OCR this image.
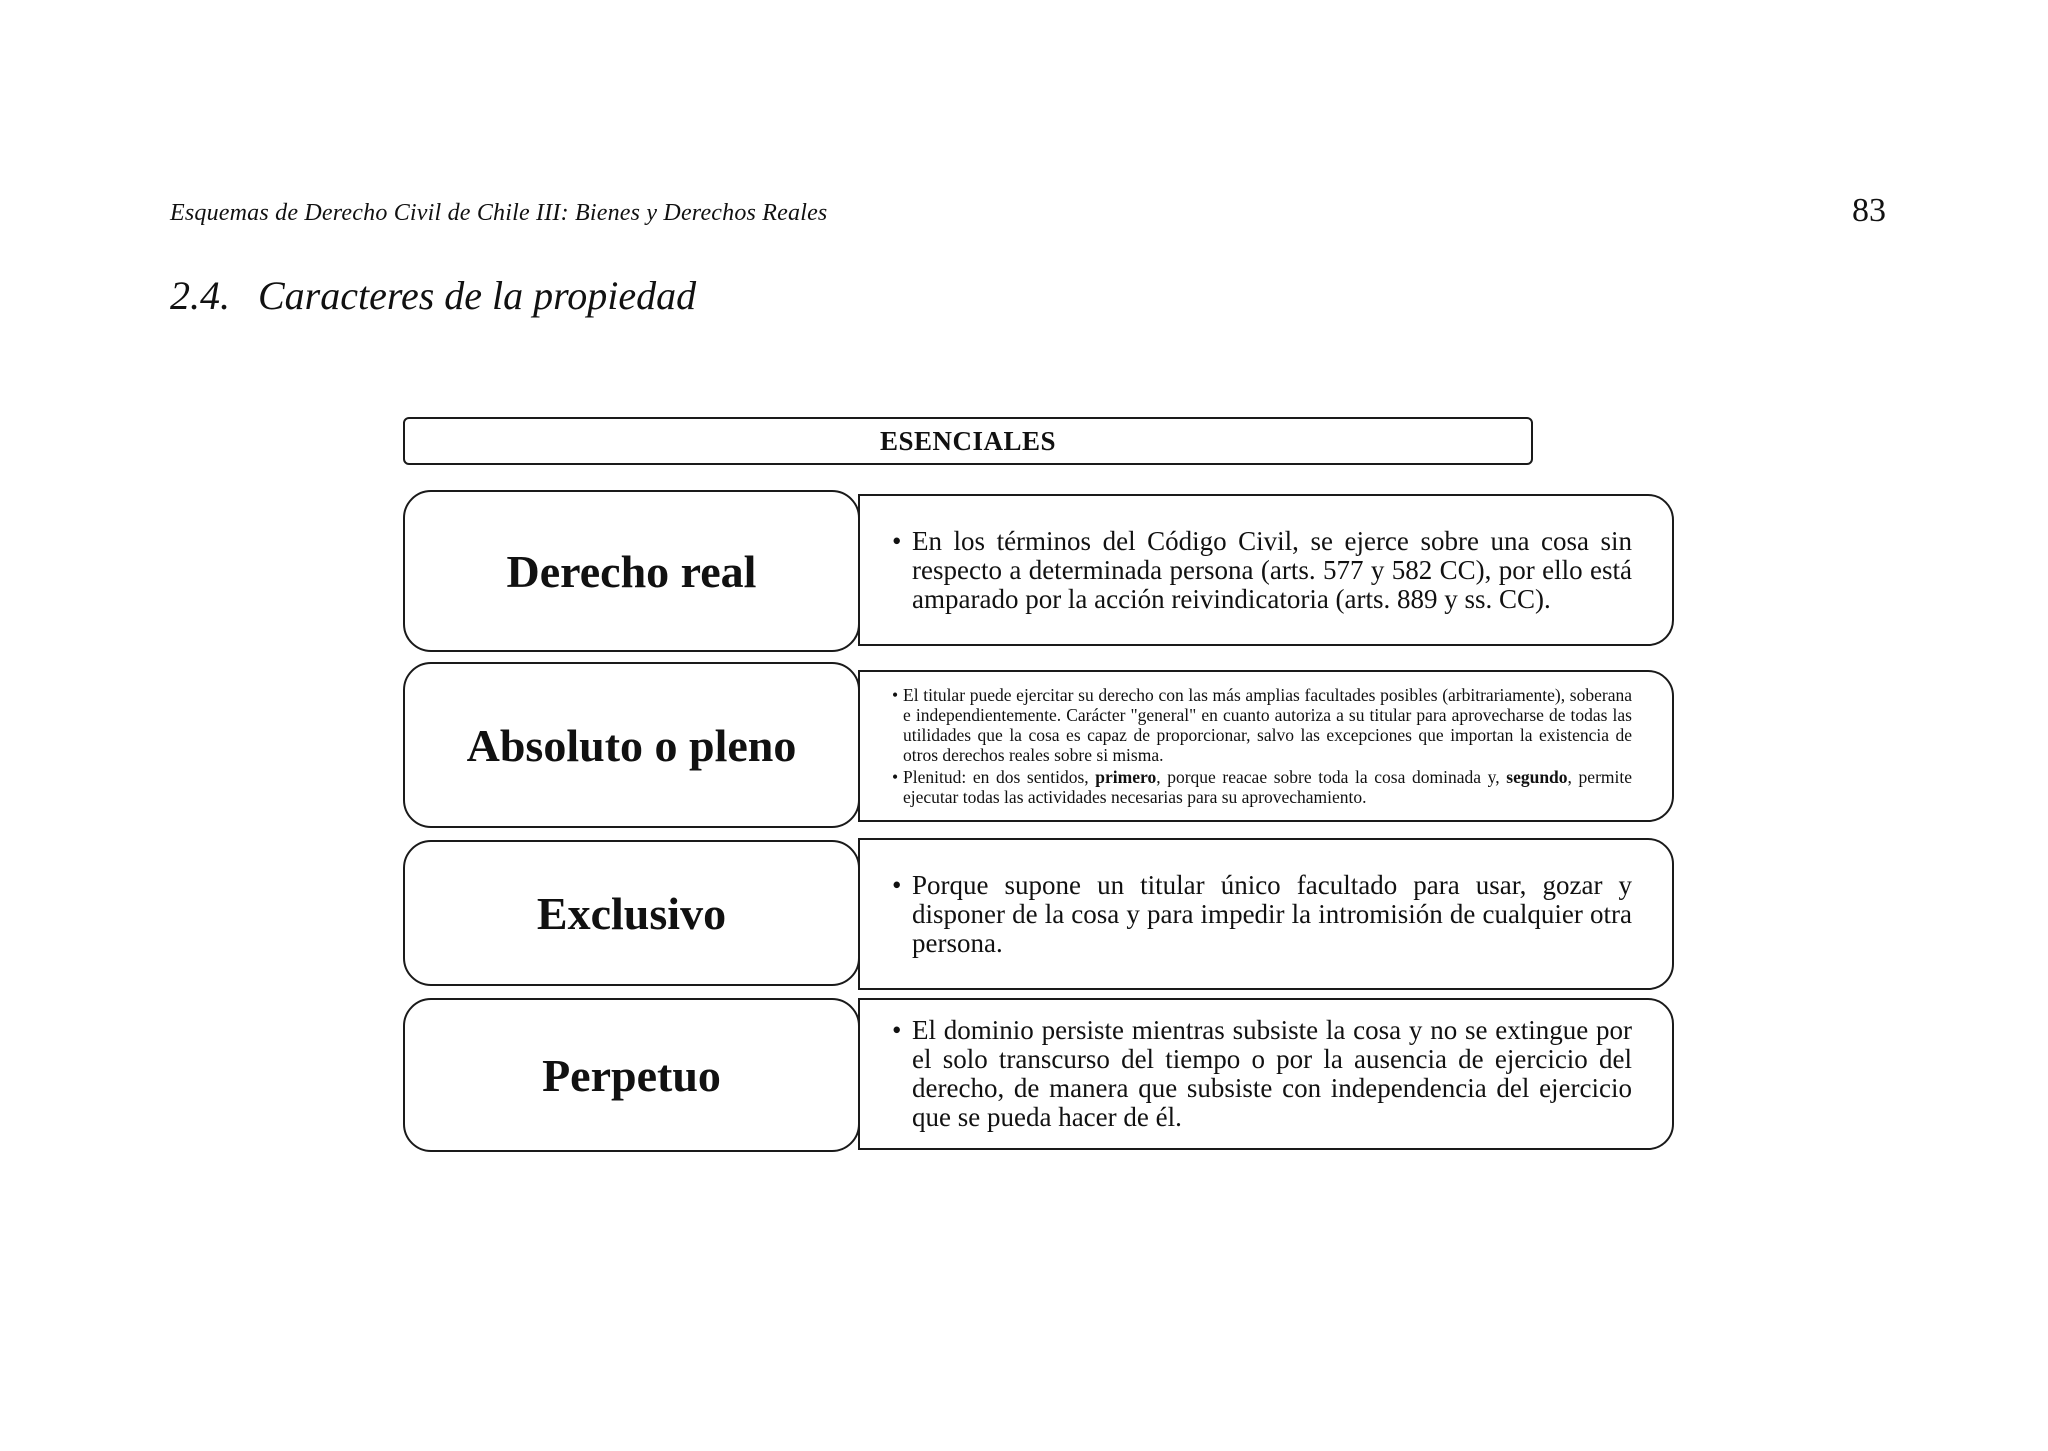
Esquemas de Derecho Civil de Chile III: Bienes y Derechos Reales	83
2.4. Caracteres de la propiedad
ESENCIALES
Derecho real
• En los términos del Código Civil, se ejerce sobre una cosa sin respecto a determinada persona (arts. 577 y 582 CC), por ello está amparado por la acción reivindicatoria (arts. 889 y ss. CC).
Absoluto o pleno
• El titular puede ejercitar su derecho con las más amplias facultades posibles (arbitrariamente), soberana e independientemente. Carácter "general" en cuanto autoriza a su titular para aprovecharse de todas las utilidades que la cosa es capaz de proporcionar, salvo las excepciones que importan la existencia de otros derechos reales sobre si misma.
• Plenitud: en dos sentidos, primero, porque reacae sobre toda la cosa dominada y, segundo, permite ejecutar todas las actividades necesarias para su aprovechamiento.
Exclusivo
• Porque supone un titular único facultado para usar, gozar y disponer de la cosa y para impedir la intromisión de cualquier otra persona.
Perpetuo
• El dominio persiste mientras subsiste la cosa y no se extingue por el solo transcurso del tiempo o por la ausencia de ejercicio del derecho, de manera que subsiste con independencia del ejercicio que se pueda hacer de él.
